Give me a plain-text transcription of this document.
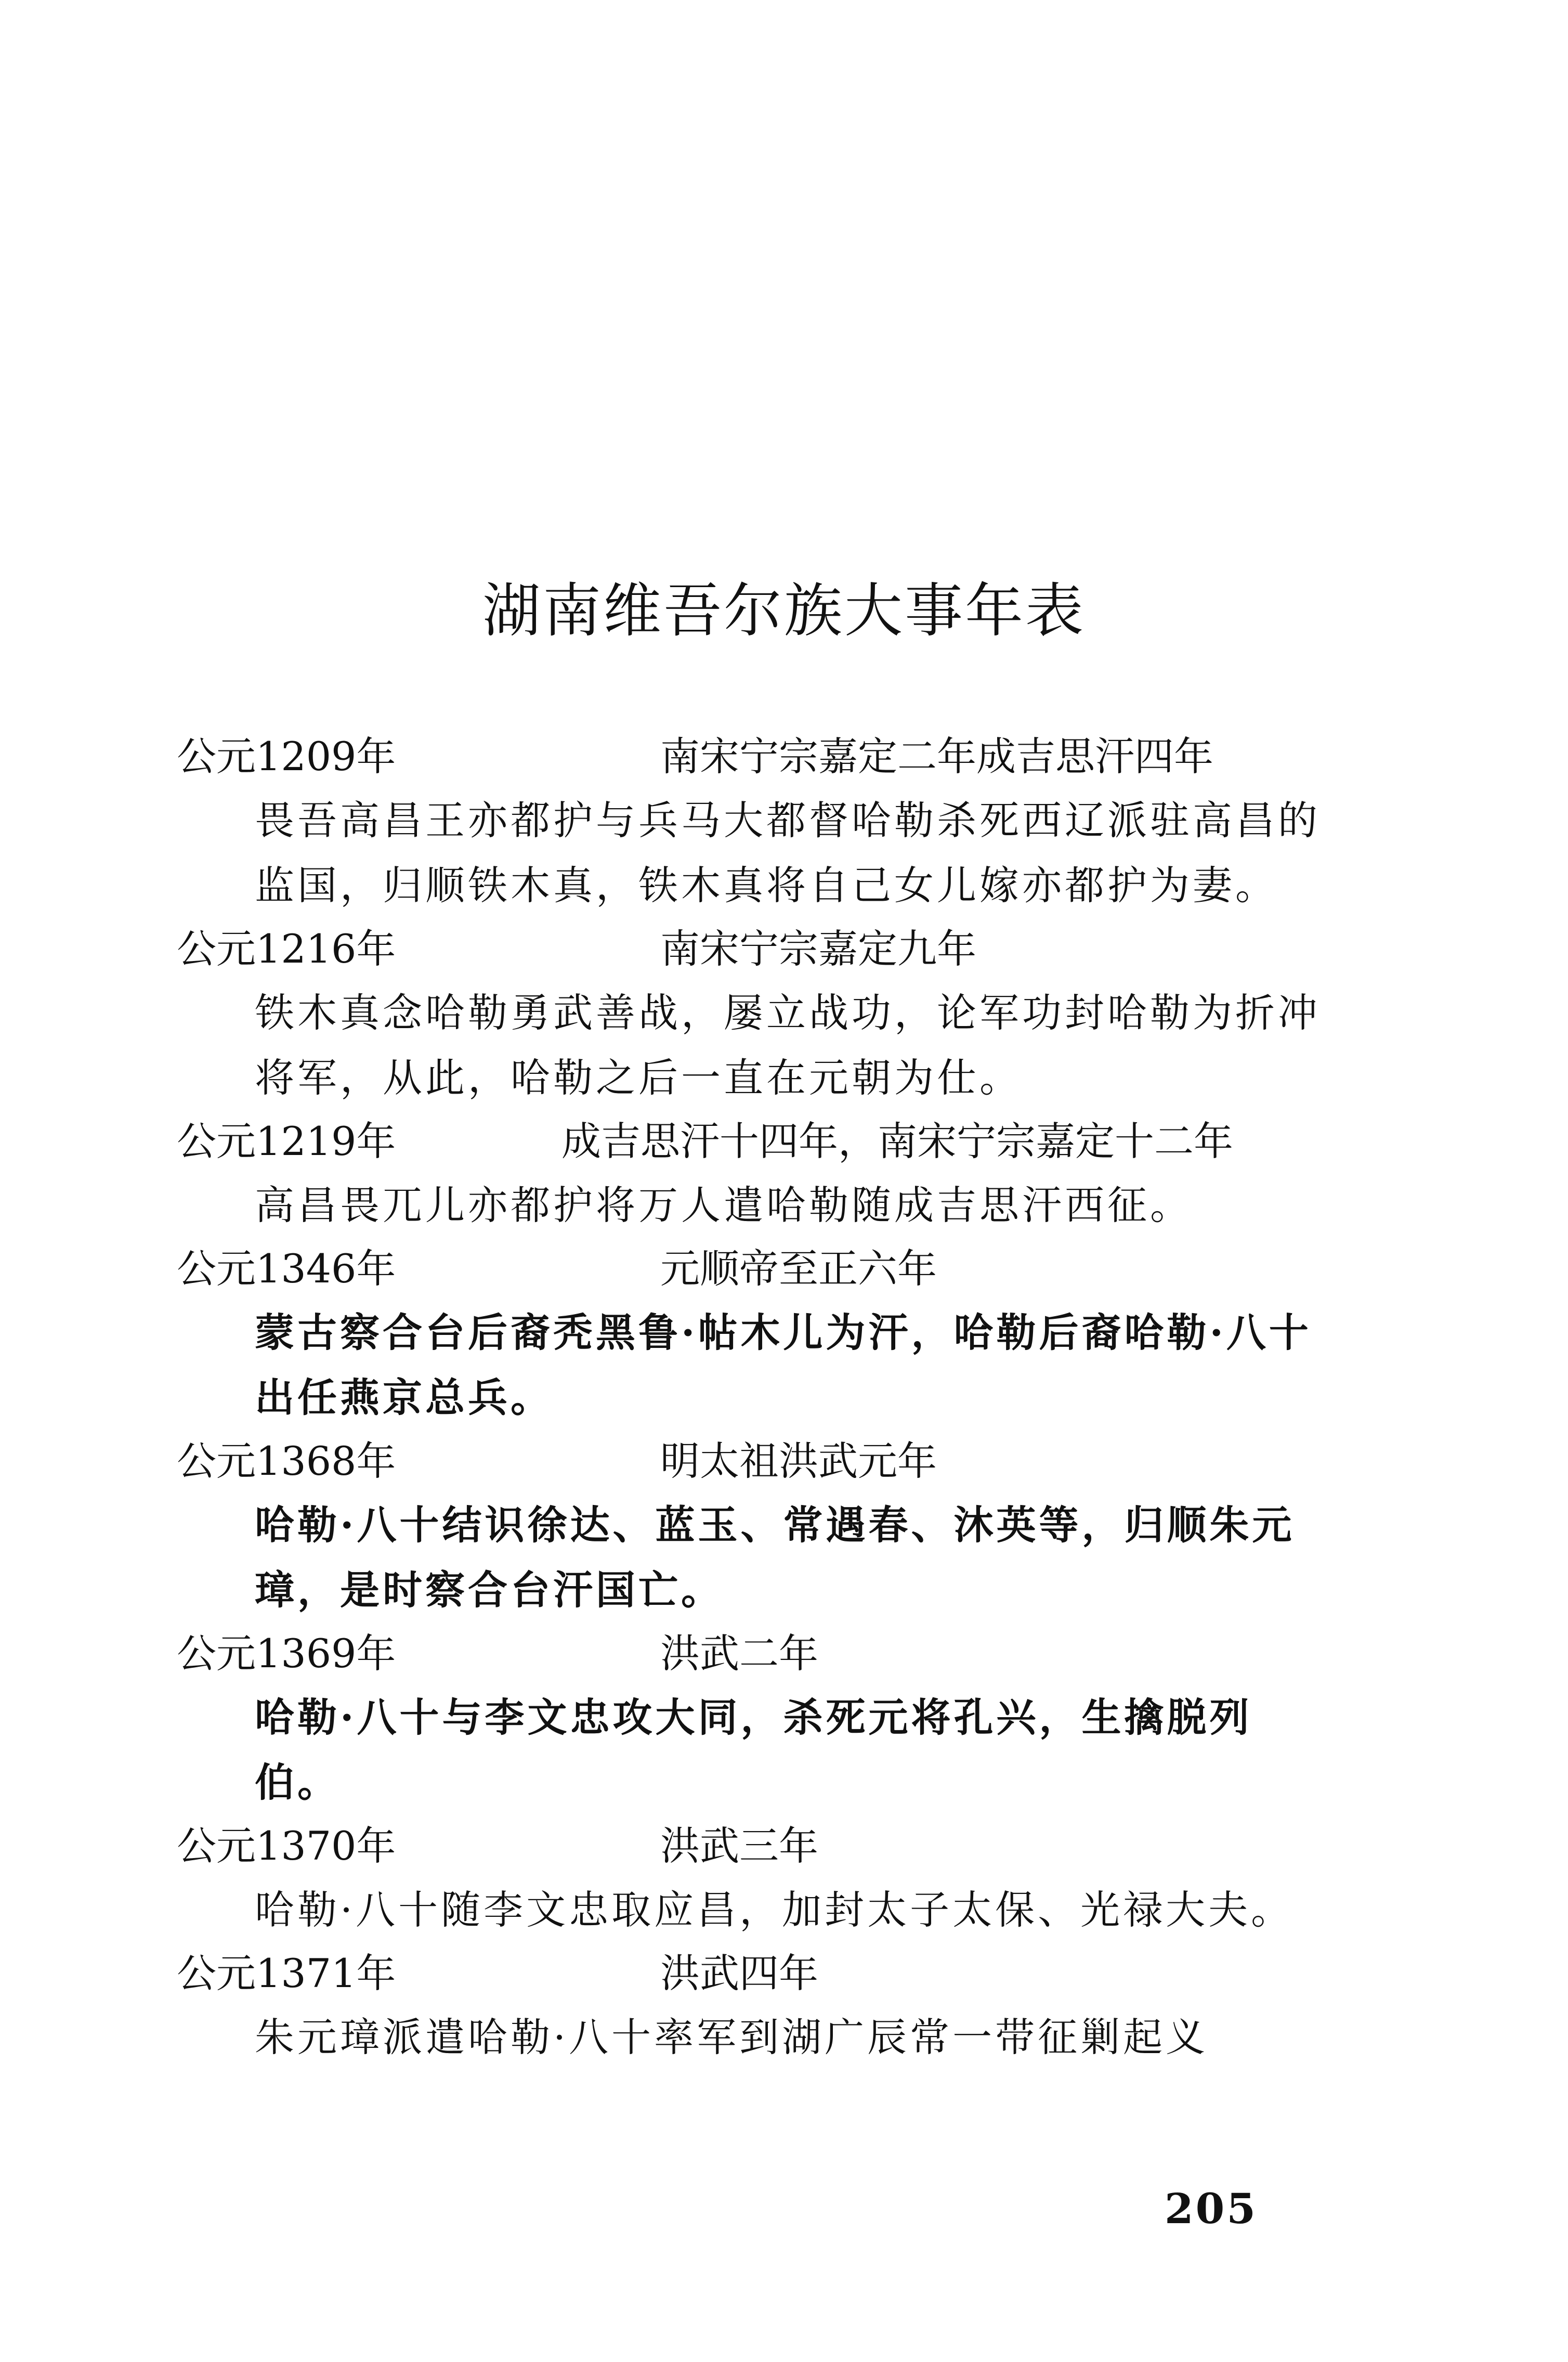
湖南维吾尔族大事年表
公元1209年	南宋宁宗嘉定二年成吉思汗四年
畏吾高昌王亦都护与兵马大都督哈勒杀死西辽派驻高昌的监国，归顺铁木真，铁木真将自己女儿嫁亦都护为妻。
公元1216年	南宋宁宗嘉定九年
铁木真念哈勒勇武善战，屡立战功，论军功封哈勒为折冲将军，从此，哈勒之后一直在元朝为仕。
公元1219年	成吉思汗十四年，南宋宁宗嘉定十二年
高昌畏兀儿亦都护将万人遣哈勒随成吉思汗西征。
公元1346年	元顺帝至正六年
蒙古察合台后裔秃黑鲁·帖木儿为汗，哈勒后裔哈勒·八十出任燕京总兵。
公元1368年	明太祖洪武元年
哈勒·八十结识徐达、蓝玉、常遇春、沐英等，归顺朱元璋，是时察合台汗国亡。
公元1369年	洪武二年
哈勒·八十与李文忠攻大同，杀死元将孔兴，生擒脱列伯。
公元1370年	洪武三年
哈勒·八十随李文忠取应昌，加封太子太保、光禄大夫。
公元1371年	洪武四年
朱元璋派遣哈勒·八十率军到湖广辰常一带征剿起义
205
